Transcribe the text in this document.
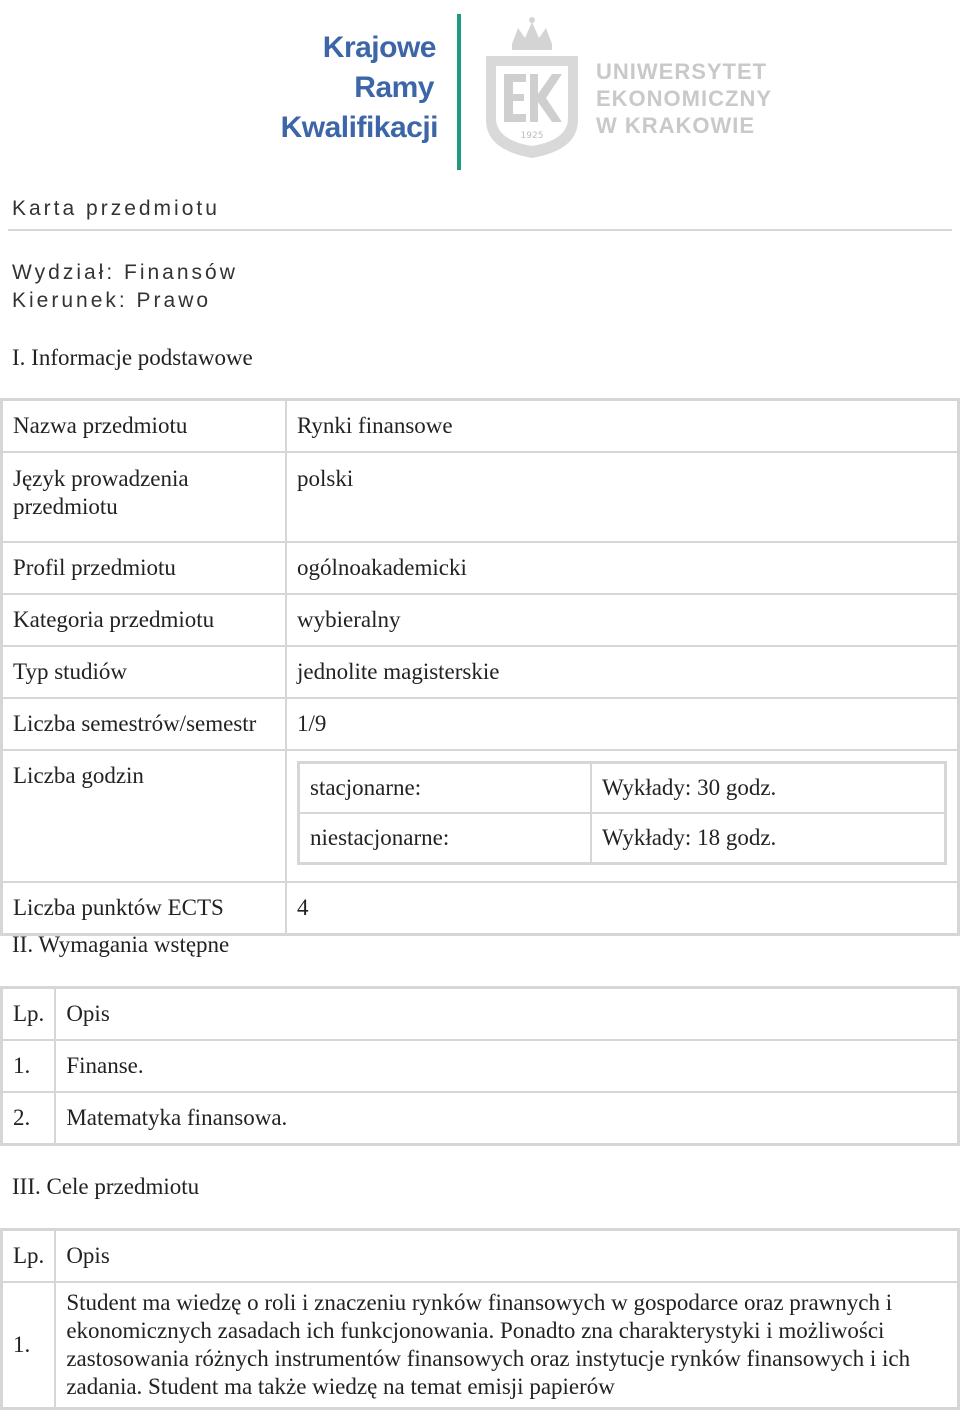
Krajowe
Ramy
Kwalifikacji	1925
UNIWERSYTET
EKONOMICZNY
W KRAKOWIE
Karta przedmiotu
Wydział: Finansów
Kierunek: Prawo
I. Informacje podstawowe
Nazwa przedmiotu	Rynki finansowe
Język prowadzenia przedmiotu	polski
Profil przedmiotu	ogólnoakademicki
Kategoria przedmiotu	wybieralny
Typ studiów	jednolite magisterskie
Liczba semestrów/semestr	1/9
Liczba godzin		stacjonarne:	Wykłady: 30 godz.
niestacjonarne:	Wykłady: 18 godz.

Liczba punktów ECTS	4
II. Wymagania wstępne
Lp.	Opis
1.	Finanse.
2.	Matematyka finansowa.
III. Cele przedmiotu
Lp.	Opis
1.	Student ma wiedzę o roli i znaczeniu rynków finansowych w gospodarce oraz prawnych i ekonomicznych zasadach ich funkcjonowania. Ponadto zna charakterystyki i możliwości zastosowania różnych instrumentów finansowych oraz instytucje rynków finansowych i ich zadania. Student ma także wiedzę na temat emisji papierów
